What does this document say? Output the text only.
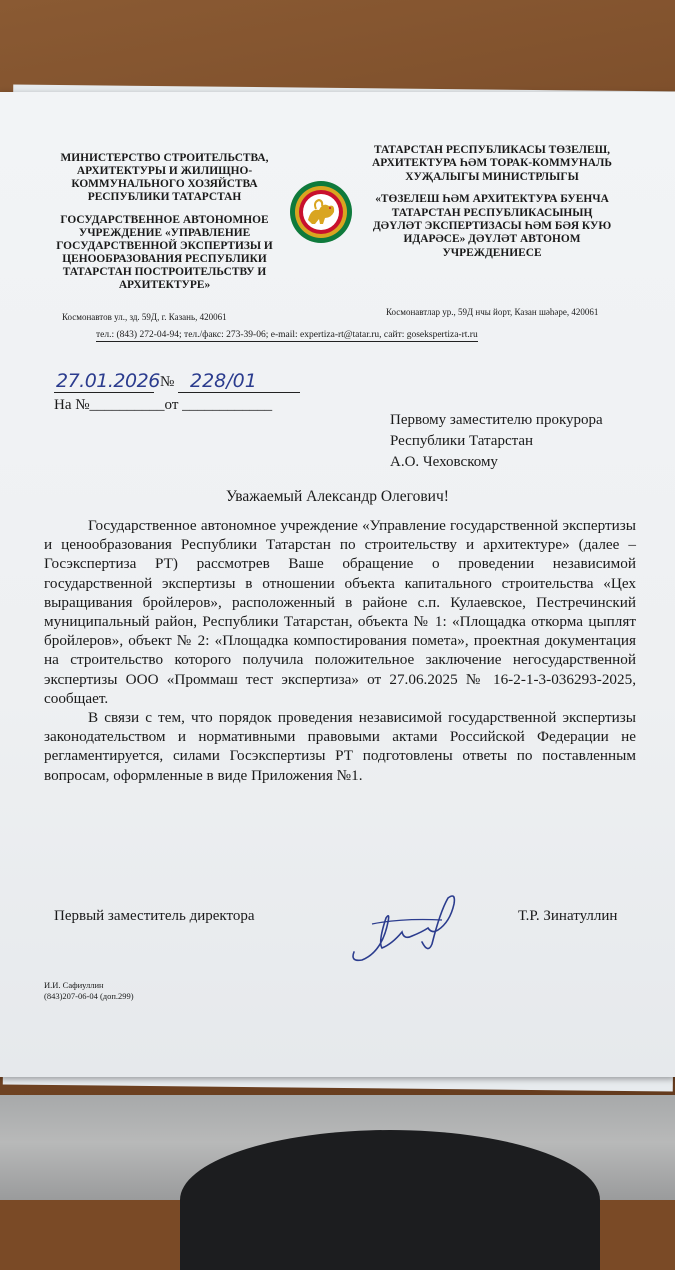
МИНИСТЕРСТВО СТРОИТЕЛЬСТВА, АРХИТЕКТУРЫ И ЖИЛИЩНО-КОММУНАЛЬНОГО ХОЗЯЙСТВА РЕСПУБЛИКИ ТАТАРСТАН
ГОСУДАРСТВЕННОЕ АВТОНОМНОЕ УЧРЕЖДЕНИЕ «УПРАВЛЕНИЕ ГОСУДАРСТВЕННОЙ ЭКСПЕРТИЗЫ И ЦЕНООБРАЗОВАНИЯ РЕСПУБЛИКИ ТАТАРСТАН ПОСТРОИТЕЛЬСТВУ И АРХИТЕКТУРЕ»
ТАТАРСТАН РЕСПУБЛИКАСЫ ТӨЗЕЛЕШ, АРХИТЕКТУРА ҺӘМ ТОРАК-КОММУНАЛЬ ХУҖАЛЫГЫ МИНИСТРЛЫГЫ
«ТӨЗЕЛЕШ ҺӘМ АРХИТЕКТУРА БУЕНЧА ТАТАРСТАН РЕСПУБЛИКАСЫНЫҢ ДӘҮЛӘТ ЭКСПЕРТИЗАСЫ ҺӘМ БӘЯ КУЮ ИДАРӘСЕ» ДӘҮЛӘТ АВТОНОМ УЧРЕЖДЕНИЕСЕ
Космонавтов ул., зд. 59Д, г. Казань, 420061	Космонавтлар ур., 59Д нчы йорт, Казан шәһәре, 420061
тел.: (843) 272-04-94; тел./факс: 273-39-06; e-mail: expertiza-rt@tatar.ru, сайт: gosekspertiza-rt.ru
27.01.2026 № 228/01
На №__________от ____________
Первому заместителю прокурора
Республики Татарстан
А.О. Чеховскому
Уважаемый Александр Олегович!

Государственное автономное учреждение «Управление государственной экспертизы и ценообразования Республики Татарстан по строительству и архитектуре» (далее – Госэкспертиза РТ) рассмотрев Ваше обращение о проведении независимой государственной экспертизы в отношении объекта капитального строительства «Цех выращивания бройлеров», расположенный в районе с.п. Кулаевское, Пестречинский муниципальный район, Республики Татарстан, объекта № 1: «Площадка откорма цыплят бройлеров», объект № 2: «Площадка компостирования помета», проектная документация на строительство которого получила положительное заключение негосударственной экспертизы ООО «Проммаш тест экспертиза» от 27.06.2025 № 16-2-1-3-036293-2025, сообщает.

В связи с тем, что порядок проведения независимой государственной экспертизы законодательством и нормативными правовыми актами Российской Федерации не регламентируется, силами Госэкспертизы РТ подготовлены ответы по поставленным вопросам, оформленные в виде Приложения №1.

Первый заместитель директора	Т.Р. Зинатуллин
И.И. Сафиуллин
(843)207-06-04 (доп.299)
